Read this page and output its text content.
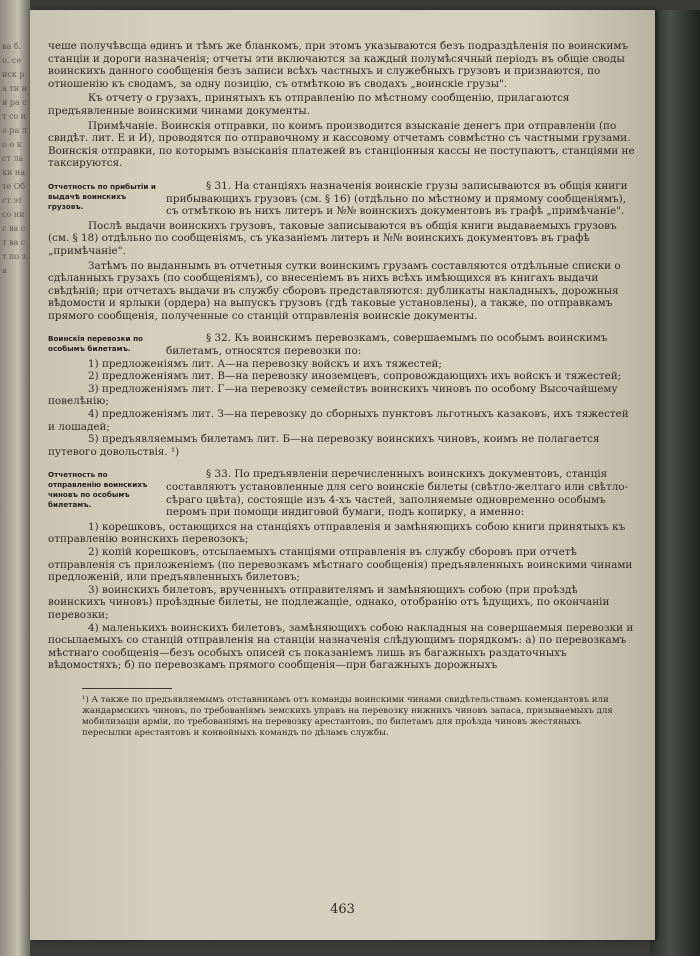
ва б. о. се иск ра ти ни ра ст со но ра ло о к ст ла ки на те Об ст эт со ни с ва ст ва ст по за

чеше получѣвсща ѳдинъ и тѣмъ же бланкомъ, при этомъ указываются безъ подраздѣленія по воинскимъ станціи и дороги назначенія; отчеты эти включаются за каждый полумѣсячный періодъ въ общіе своды воинскихъ данного сообщенія безъ записи всѣхъ частныхъ и служебныхъ грузовъ и признаются, по отношенію къ сводамъ, за одну позицію, съ отмѣткою въ сводахъ „воинскіе грузы".

Къ отчету о грузахъ, принятыхъ къ отправленію по мѣстному сообщенію, прилагаются предъявленные воинскими чинами документы.

Примѣчаніе. Воинскія отправки, по коимъ производится взысканіе денегъ при отправленіи (по свидѣт. лит. Е и И), проводятся по отправочному и кассовому отчетамъ совмѣстно съ частными грузами. Воинскія отправки, по которымъ взысканія платежей въ станціонныя кассы не поступаютъ, станціями не таксируются.

Отчетность по прибытіи и выдачѣ воинскихъ грузовъ.

§ 31. На станціяхъ назначенія воинскіе грузы записываются въ общія книги прибывающихъ грузовъ (см. § 16) (отдѣльно по мѣстному и прямому сообщеніямъ), съ отмѣткою въ нихъ литеръ и №№ воинскихъ документовъ въ графѣ „примѣчаніе".

Послѣ выдачи воинскихъ грузовъ, таковые записываются въ общія книги выдаваемыхъ грузовъ (см. § 18) отдѣльно по сообщеніямъ, съ указаніемъ литеръ и №№ воинскихъ документовъ въ графѣ „примѣчаніе".

Затѣмъ по выданнымъ въ отчетныя сутки воинскимъ грузамъ составляются отдѣльные списки о сдѣланныхъ грузахъ (по сообщеніямъ), со внесеніемъ въ нихъ всѣхъ имѣющихся въ книгахъ выдачи свѣдѣній; при отчетахъ выдачи въ службу сборовъ представляются: дубликаты накладныхъ, дорожныя вѣдомости и ярлыки (ордера) на выпускъ грузовъ (гдѣ таковые установлены), а также, по отправкамъ прямого сообщенія, полученные со станцій отправленія воинскіе документы.

Воинскія перевозки по особымъ билетамъ.

§ 32. Къ воинскимъ перевозкамъ, совершаемымъ по особымъ воинскимъ билетамъ, относятся перевозки по:

1) предложеніямъ лит. А—на перевозку войскъ и ихъ тяжестей;

2) предложеніямъ лит. В—на перевозку иноземцевъ, сопровождающихъ ихъ войскъ и тяжестей;

3) предложеніямъ лит. Г—на перевозку семействъ воинскихъ чиновъ по особому Высочайшему повелѣнію;

4) предложеніямъ лит. З—на перевозку до сборныхъ пунктовъ льготныхъ казаковъ, ихъ тяжестей и лошадей;

5) предъявляемымъ билетамъ лит. Б—на перевозку воинскихъ чиновъ, коимъ не полагается путевого довольствія. ¹)

Отчетность по отправленію воинскихъ чиновъ по особымъ билетамъ.

§ 33. По предъявленіи перечисленныхъ воинскихъ документовъ, станція составляютъ установленные для сего воинскіе билеты (свѣтло-желтаго или свѣтло-сѣраго цвѣта), состоящіе изъ 4-хъ частей, заполняемые одновременно особымъ перомъ при помощи индиговой бумаги, подъ копирку, а именно:

1) корешковъ, остающихся на станціяхъ отправленія и замѣняющихъ собою книги принятыхъ къ отправленію воинскихъ перевозокъ;

2) копій корешковъ, отсылаемыхъ станціями отправленія въ службу сборовъ при отчетѣ отправленія съ приложеніемъ (по перевозкамъ мѣстнаго сообщенія) предъявленныхъ воинскими чинами предложеній, или предъявленныхъ билетовъ;

3) воинскихъ билетовъ, врученныхъ отправителямъ и замѣняющихъ собою (при проѣздѣ воинскихъ чиновъ) проѣздные билеты, не подлежащіе, однако, отобранію отъ ѣдущихъ, по окончаніи перевозки;

4) маленькихъ воинскихъ билетовъ, замѣняющихъ собою накладныя на совершаемыя перевозки и посылаемыхъ со станцій отправленія на станціи назначенія слѣдующимъ порядкомъ: а) по перевозкамъ мѣстнаго сообщенія—безъ особыхъ описей съ показаніемъ лишь въ багажныхъ раздаточныхъ вѣдомостяхъ; б) по перевозкамъ прямого сообщенія—при багажныхъ дорожныхъ

¹) А также по предъявляемымъ отставникамъ отъ команды воинскими чинами свидѣтельствамъ комендантовъ или жандармскихъ чиновъ, по требованіямъ земскихъ управъ на перевозку нижнихъ чиновъ запаса, призываемыхъ для мобилизаціи арміи, по требованіямъ на перевозку арестантовъ, по билетамъ для проѣзда чиновъ жестяныхъ пересылки арестантовъ и конвойныхъ командъ по дѣламъ службы.

463
